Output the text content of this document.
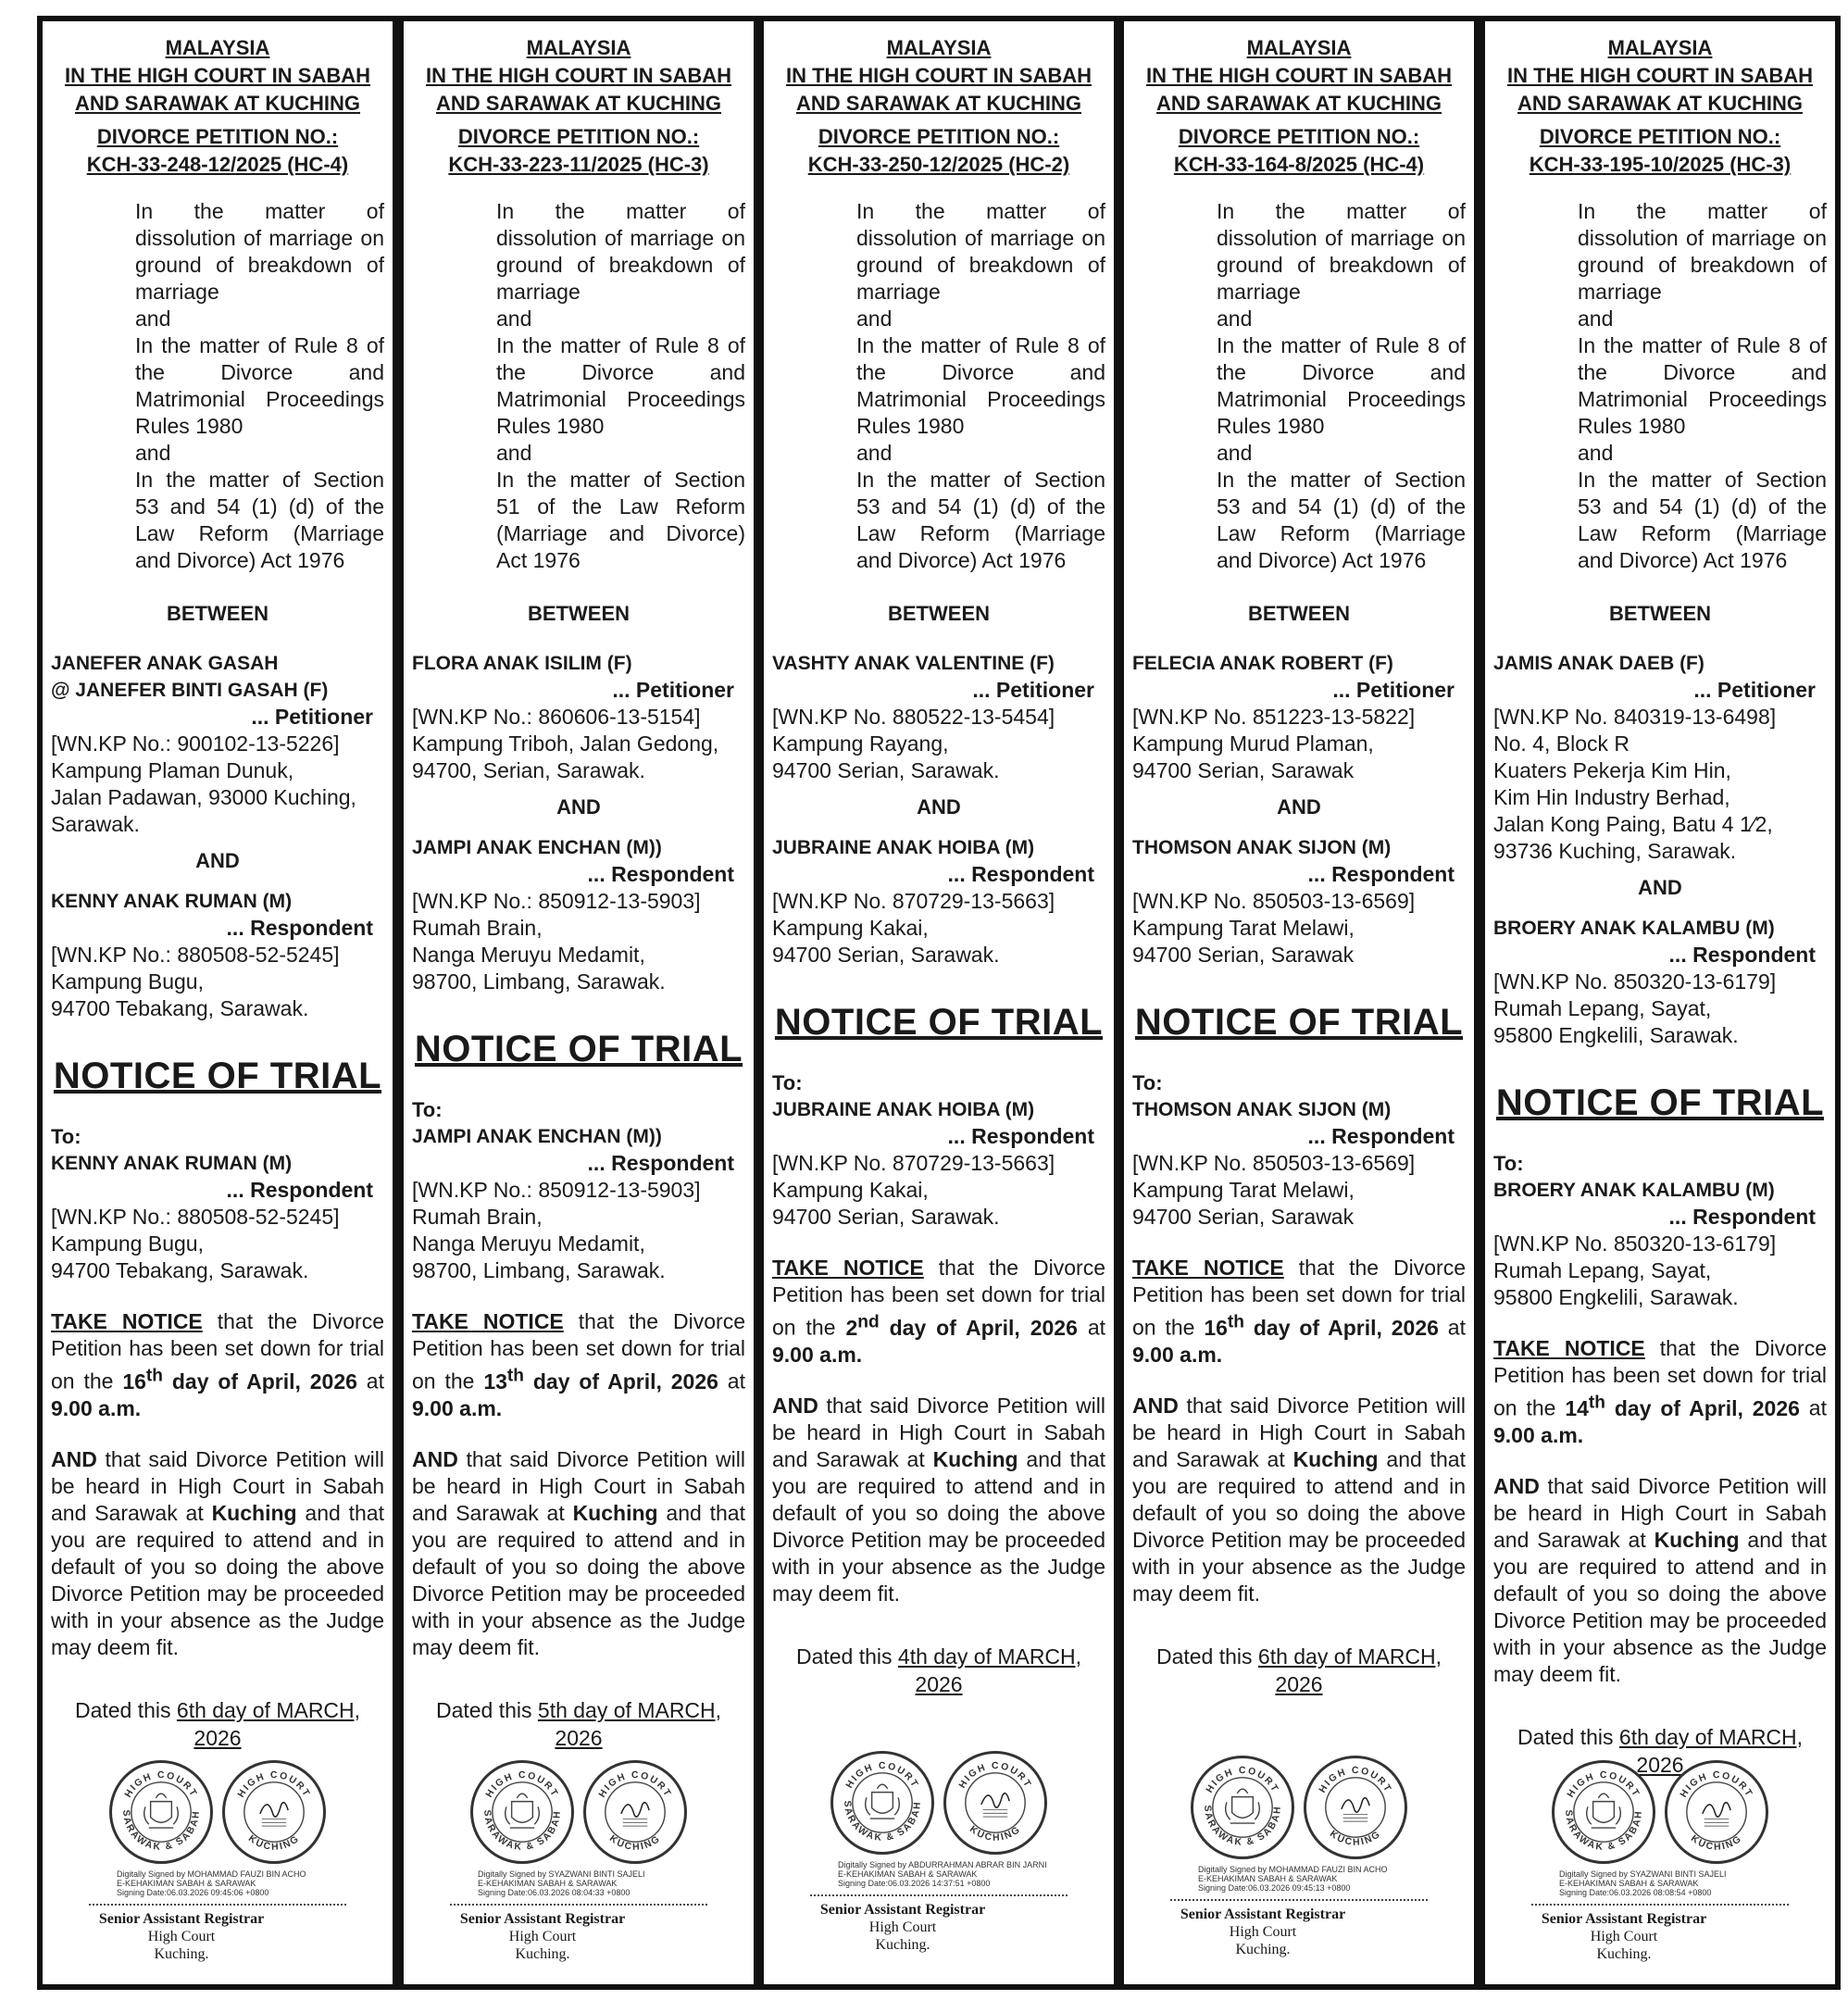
MALAYSIA
IN THE HIGH COURT IN SABAH
AND SARAWAK AT KUCHING
DIVORCE PETITION NO.:
KCH-33-248-12/2025 (HC-4)

In the matter of dissolution of marriage on ground of breakdown of marriage

and

In the matter of Rule 8 of the Divorce and Matrimonial Proceedings Rules 1980

and

In the matter of Section 53 and 54 (1) (d) of the Law Reform (Marriage and Divorce) Act 1976

BETWEEN
JANEFER ANAK GASAH
@ JANEFER BINTI GASAH (F)
... Petitioner
[WN.KP No.: 900102-13-5226]
Kampung Plaman Dunuk,
Jalan Padawan, 93000 Kuching,
Sarawak.
AND
KENNY ANAK RUMAN (M)
... Respondent
[WN.KP No.: 880508-52-5245]
Kampung Bugu,
94700 Tebakang, Sarawak.
NOTICE OF TRIAL
To:
KENNY ANAK RUMAN (M)
... Respondent
[WN.KP No.: 880508-52-5245]
Kampung Bugu,
94700 Tebakang, Sarawak.
TAKE NOTICE that the Divorce Petition has been set down for trial on the 16th day of April, 2026 at 9.00 a.m.
AND that said Divorce Petition will be heard in High Court in Sabah and Sarawak at Kuching and that you are required to attend and in default of you so doing the above Divorce Petition may be proceeded with in your absence as the Judge may deem fit.
Dated this 6th day of MARCH,
2026
HIGH COURT
SARAWAK & SABAH
HIGH COURT
KUCHING
Digitally Signed by MOHAMMAD FAUZI BIN ACHO
E-KEHAKIMAN SABAH & SARAWAK
Signing Date:06.03.2026 09:45:06 +0800
Senior Assistant Registrar
High Court
Kuching.
MALAYSIA
IN THE HIGH COURT IN SABAH
AND SARAWAK AT KUCHING
DIVORCE PETITION NO.:
KCH-33-223-11/2025 (HC-3)

In the matter of dissolution of marriage on ground of breakdown of marriage

and

In the matter of Rule 8 of the Divorce and Matrimonial Proceedings Rules 1980

and

In the matter of Section 51 of the Law Reform (Marriage and Divorce) Act 1976

BETWEEN
FLORA ANAK ISILIM (F)
... Petitioner
[WN.KP No.: 860606-13-5154]
Kampung Triboh, Jalan Gedong,
94700, Serian, Sarawak.
AND
JAMPI ANAK ENCHAN (M))
... Respondent
[WN.KP No.: 850912-13-5903]
Rumah Brain,
Nanga Meruyu Medamit,
98700, Limbang, Sarawak.
NOTICE OF TRIAL
To:
JAMPI ANAK ENCHAN (M))
... Respondent
[WN.KP No.: 850912-13-5903]
Rumah Brain,
Nanga Meruyu Medamit,
98700, Limbang, Sarawak.
TAKE NOTICE that the Divorce Petition has been set down for trial on the 13th day of April, 2026 at 9.00 a.m.
AND that said Divorce Petition will be heard in High Court in Sabah and Sarawak at Kuching and that you are required to attend and in default of you so doing the above Divorce Petition may be proceeded with in your absence as the Judge may deem fit.
Dated this 5th day of MARCH,
2026
HIGH COURT
SARAWAK & SABAH
HIGH COURT
KUCHING
Digitally Signed by SYAZWANI BINTI SAJELI
E-KEHAKIMAN SABAH & SARAWAK
Signing Date:06.03.2026 08:04:33 +0800
Senior Assistant Registrar
High Court
Kuching.
MALAYSIA
IN THE HIGH COURT IN SABAH
AND SARAWAK AT KUCHING
DIVORCE PETITION NO.:
KCH-33-250-12/2025 (HC-2)

In the matter of dissolution of marriage on ground of breakdown of marriage

and

In the matter of Rule 8 of the Divorce and Matrimonial Proceedings Rules 1980

and

In the matter of Section 53 and 54 (1) (d) of the Law Reform (Marriage and Divorce) Act 1976

BETWEEN
VASHTY ANAK VALENTINE (F)
... Petitioner
[WN.KP No. 880522-13-5454]
Kampung Rayang,
94700 Serian, Sarawak.
AND
JUBRAINE ANAK HOIBA (M)
... Respondent
[WN.KP No. 870729-13-5663]
Kampung Kakai,
94700 Serian, Sarawak.
NOTICE OF TRIAL
To:
JUBRAINE ANAK HOIBA (M)
... Respondent
[WN.KP No. 870729-13-5663]
Kampung Kakai,
94700 Serian, Sarawak.
TAKE NOTICE that the Divorce Petition has been set down for trial on the 2nd day of April, 2026 at 9.00 a.m.
AND that said Divorce Petition will be heard in High Court in Sabah and Sarawak at Kuching and that you are required to attend and in default of you so doing the above Divorce Petition may be proceeded with in your absence as the Judge may deem fit.
Dated this 4th day of MARCH,
2026
HIGH COURT
SARAWAK & SABAH
HIGH COURT
KUCHING
Digitally Signed by ABDURRAHMAN ABRAR BIN JARNI
E-KEHAKIMAN SABAH & SARAWAK
Signing Date:06.03.2026 14:37:51 +0800
Senior Assistant Registrar
High Court
Kuching.
MALAYSIA
IN THE HIGH COURT IN SABAH
AND SARAWAK AT KUCHING
DIVORCE PETITION NO.:
KCH-33-164-8/2025 (HC-4)

In the matter of dissolution of marriage on ground of breakdown of marriage

and

In the matter of Rule 8 of the Divorce and Matrimonial Proceedings Rules 1980

and

In the matter of Section 53 and 54 (1) (d) of the Law Reform (Marriage and Divorce) Act 1976

BETWEEN
FELECIA ANAK ROBERT (F)
... Petitioner
[WN.KP No. 851223-13-5822]
Kampung Murud Plaman,
94700 Serian, Sarawak
AND
THOMSON ANAK SIJON (M)
... Respondent
[WN.KP No. 850503-13-6569]
Kampung Tarat Melawi,
94700 Serian, Sarawak
NOTICE OF TRIAL
To:
THOMSON ANAK SIJON (M)
... Respondent
[WN.KP No. 850503-13-6569]
Kampung Tarat Melawi,
94700 Serian, Sarawak
TAKE NOTICE that the Divorce Petition has been set down for trial on the 16th day of April, 2026 at 9.00 a.m.
AND that said Divorce Petition will be heard in High Court in Sabah and Sarawak at Kuching and that you are required to attend and in default of you so doing the above Divorce Petition may be proceeded with in your absence as the Judge may deem fit.
Dated this 6th day of MARCH,
2026
HIGH COURT
SARAWAK & SABAH
HIGH COURT
KUCHING
Digitally Signed by MOHAMMAD FAUZI BIN ACHO
E-KEHAKIMAN SABAH & SARAWAK
Signing Date:06.03.2026 09:45:13 +0800
Senior Assistant Registrar
High Court
Kuching.
MALAYSIA
IN THE HIGH COURT IN SABAH
AND SARAWAK AT KUCHING
DIVORCE PETITION NO.:
KCH-33-195-10/2025 (HC-3)

In the matter of dissolution of marriage on ground of breakdown of marriage

and

In the matter of Rule 8 of the Divorce and Matrimonial Proceedings Rules 1980

and

In the matter of Section 53 and 54 (1) (d) of the Law Reform (Marriage and Divorce) Act 1976

BETWEEN
JAMIS ANAK DAEB (F)
... Petitioner
[WN.KP No. 840319-13-6498]
No. 4, Block R
Kuaters Pekerja Kim Hin,
Kim Hin Industry Berhad,
Jalan Kong Paing, Batu 4 1⁄2,
93736 Kuching, Sarawak.
AND
BROERY ANAK KALAMBU (M)
... Respondent
[WN.KP No. 850320-13-6179]
Rumah Lepang, Sayat,
95800 Engkelili, Sarawak.
NOTICE OF TRIAL
To:
BROERY ANAK KALAMBU (M)
... Respondent
[WN.KP No. 850320-13-6179]
Rumah Lepang, Sayat,
95800 Engkelili, Sarawak.
TAKE NOTICE that the Divorce Petition has been set down for trial on the 14th day of April, 2026 at 9.00 a.m.
AND that said Divorce Petition will be heard in High Court in Sabah and Sarawak at Kuching and that you are required to attend and in default of you so doing the above Divorce Petition may be proceeded with in your absence as the Judge may deem fit.
Dated this 6th day of MARCH,
2026
HIGH COURT
SARAWAK & SABAH
HIGH COURT
KUCHING
Digitally Signed by SYAZWANI BINTI SAJELI
E-KEHAKIMAN SABAH & SARAWAK
Signing Date:06.03.2026 08:08:54 +0800
Senior Assistant Registrar
High Court
Kuching.
